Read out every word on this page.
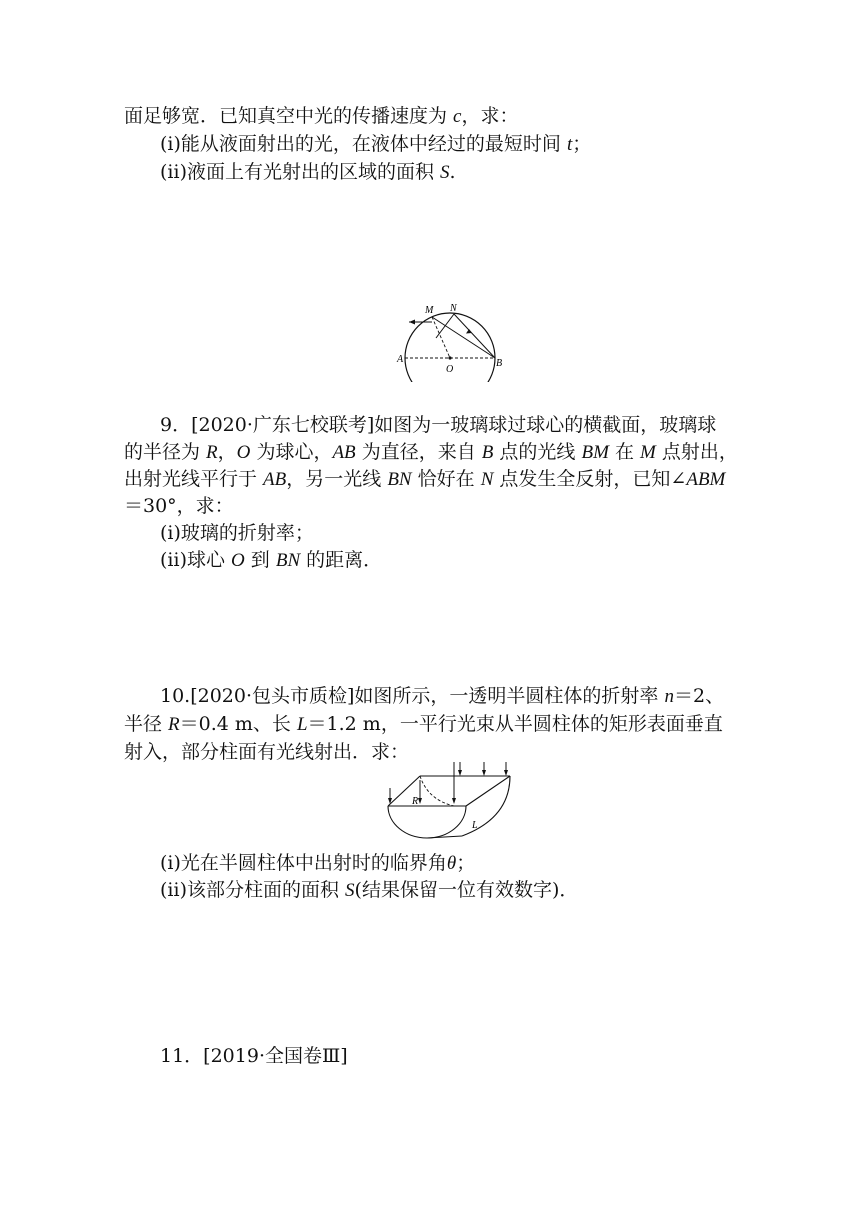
面足够宽．已知真空中光的传播速度为 c，求：
(ⅰ)能从液面射出的光，在液体中经过的最短时间 t；
(ⅱ)液面上有光射出的区域的面积 S.
M N
A
O
B
9．[2020·广东七校联考]如图为一玻璃球过球心的横截面，玻璃球
的半径为 R，O 为球心，AB 为直径，来自 B 点的光线 BM 在 M 点射出，
出射光线平行于 AB，另一光线 BN 恰好在 N 点发生全反射，已知∠ABM
＝30°，求：
(ⅰ)玻璃的折射率；
(ⅱ)球心 O 到 BN 的距离．
10.[2020·包头市质检]如图所示，一透明半圆柱体的折射率 n＝2、
半径 R＝0.4 m、长 L＝1.2 m，一平行光束从半圆柱体的矩形表面垂直
射入，部分柱面有光线射出．求：
R
L
(ⅰ)光在半圆柱体中出射时的临界角θ；
(ⅱ)该部分柱面的面积 S(结果保留一位有效数字)．
11．[2019·全国卷Ⅲ]
